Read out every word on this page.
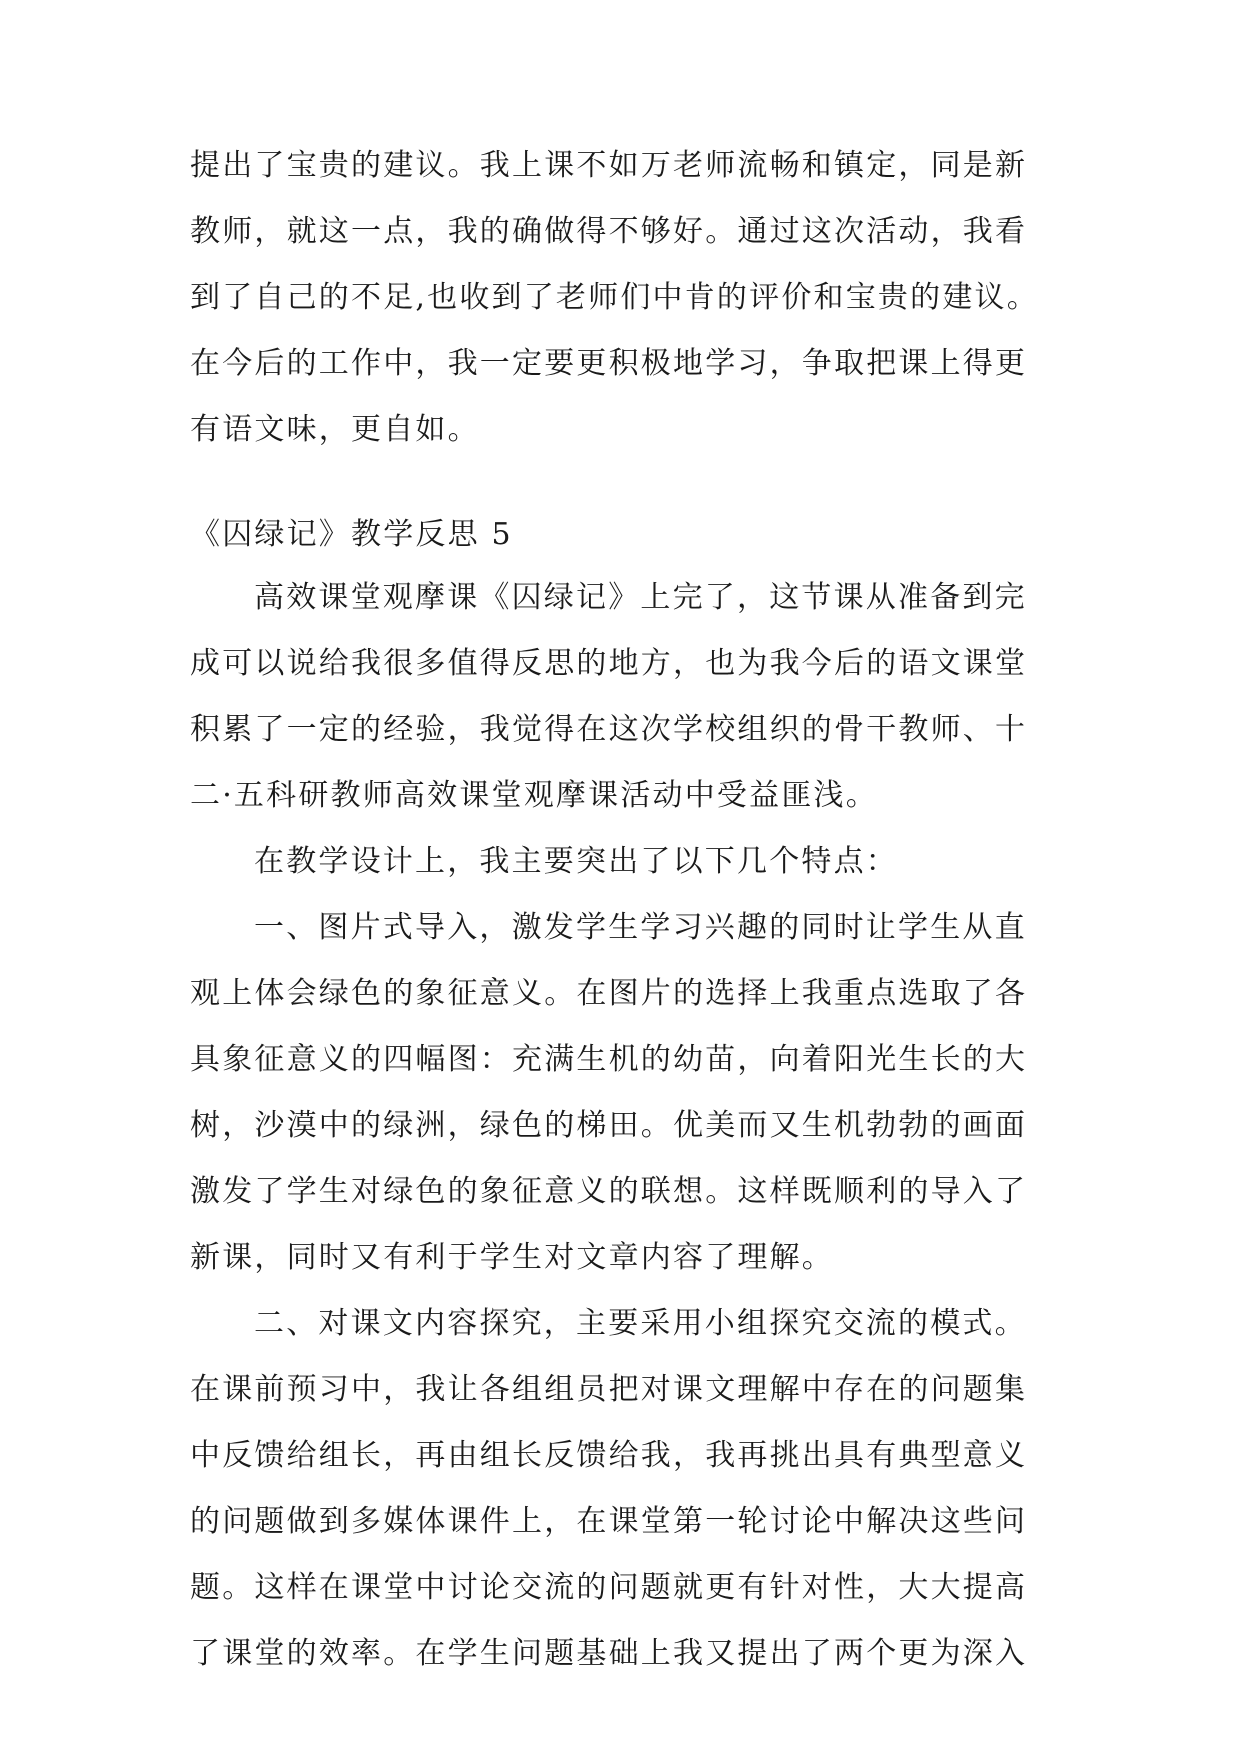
提出了宝贵的建议。我上课不如万老师流畅和镇定，同是新
教师，就这一点，我的确做得不够好。通过这次活动，我看
到了自己的不足,也收到了老师们中肯的评价和宝贵的建议。
在今后的工作中，我一定要更积极地学习，争取把课上得更
有语文味，更自如。
《囚绿记》教学反思 5
高效课堂观摩课《囚绿记》上完了，这节课从准备到完
成可以说给我很多值得反思的地方，也为我今后的语文课堂
积累了一定的经验，我觉得在这次学校组织的骨干教师、十
二·五科研教师高效课堂观摩课活动中受益匪浅。
在教学设计上，我主要突出了以下几个特点：
一、图片式导入，激发学生学习兴趣的同时让学生从直
观上体会绿色的象征意义。在图片的选择上我重点选取了各
具象征意义的四幅图：充满生机的幼苗，向着阳光生长的大
树，沙漠中的绿洲，绿色的梯田。优美而又生机勃勃的画面
激发了学生对绿色的象征意义的联想。这样既顺利的导入了
新课，同时又有利于学生对文章内容了理解。
二、对课文内容探究，主要采用小组探究交流的模式。
在课前预习中，我让各组组员把对课文理解中存在的问题集
中反馈给组长，再由组长反馈给我，我再挑出具有典型意义
的问题做到多媒体课件上，在课堂第一轮讨论中解决这些问
题。这样在课堂中讨论交流的问题就更有针对性，大大提高
了课堂的效率。在学生问题基础上我又提出了两个更为深入
